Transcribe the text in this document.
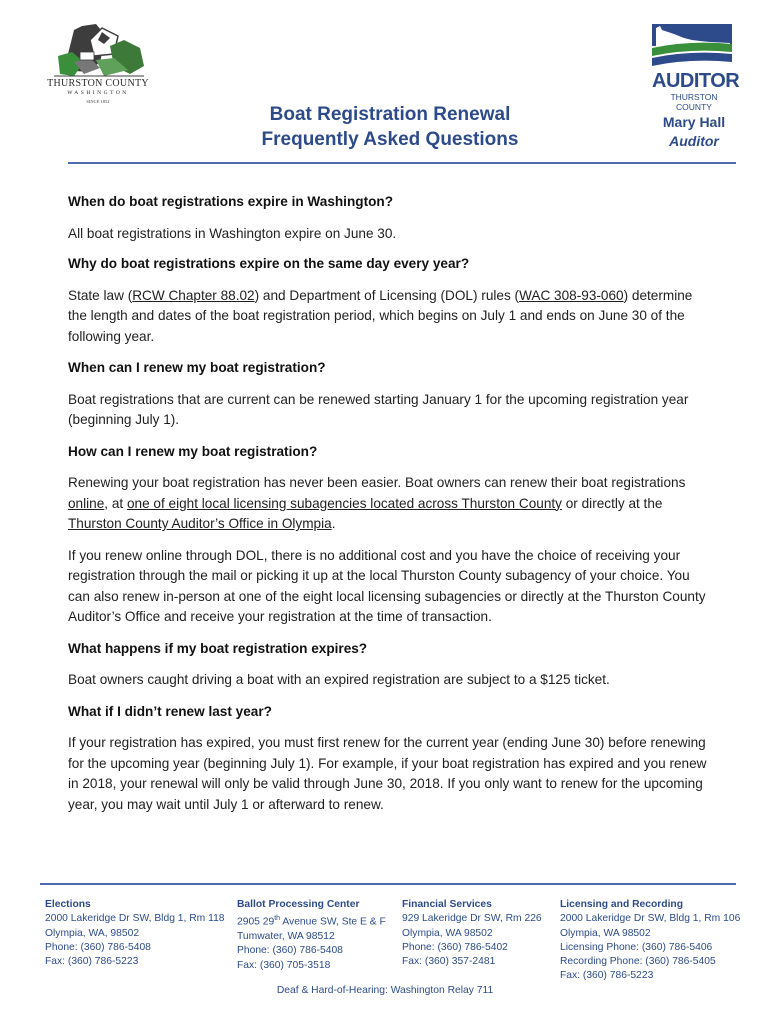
THURSTON COUNTY
WASHINGTON
SINCE 1852
Boat Registration Renewal
Frequently Asked Questions
AUDITOR
THURSTON COUNTY
Mary Hall
Auditor
When do boat registrations expire in Washington?

All boat registrations in Washington expire on June 30.

Why do boat registrations expire on the same day every year?

State law (RCW Chapter 88.02) and Department of Licensing (DOL) rules (WAC 308-93-060) determine the length and dates of the boat registration period, which begins on July 1 and ends on June 30 of the following year.

When can I renew my boat registration?

Boat registrations that are current can be renewed starting January 1 for the upcoming registration year (beginning July 1).

How can I renew my boat registration?

Renewing your boat registration has never been easier. Boat owners can renew their boat registrations online, at one of eight local licensing subagencies located across Thurston County or directly at the Thurston County Auditor’s Office in Olympia.

If you renew online through DOL, there is no additional cost and you have the choice of receiving your registration through the mail or picking it up at the local Thurston County subagency of your choice. You can also renew in-person at one of the eight local licensing subagencies or directly at the Thurston County Auditor’s Office and receive your registration at the time of transaction.

What happens if my boat registration expires?

Boat owners caught driving a boat with an expired registration are subject to a $125 ticket.

What if I didn’t renew last year?

If your registration has expired, you must first renew for the current year (ending June 30) before renewing for the upcoming year (beginning July 1). For example, if your boat registration has expired and you renew in 2018, your renewal will only be valid through June 30, 2018. If you only want to renew for the upcoming year, you may wait until July 1 or afterward to renew.

Elections
2000 Lakeridge Dr SW, Bldg 1, Rm 118
Olympia, WA, 98502
Phone: (360) 786-5408
Fax: (360) 786-5223
Ballot Processing Center
2905 29th Avenue SW, Ste E & F
Tumwater, WA 98512
Phone: (360) 786-5408
Fax: (360) 705-3518
Financial Services
929 Lakeridge Dr SW, Rm 226
Olympia, WA 98502
Phone: (360) 786-5402
Fax: (360) 357-2481
Licensing and Recording
2000 Lakeridge Dr SW, Bldg 1, Rm 106
Olympia, WA 98502
Licensing Phone: (360) 786-5406
Recording Phone: (360) 786-5405
Fax: (360) 786-5223
Deaf & Hard-of-Hearing: Washington Relay 711
